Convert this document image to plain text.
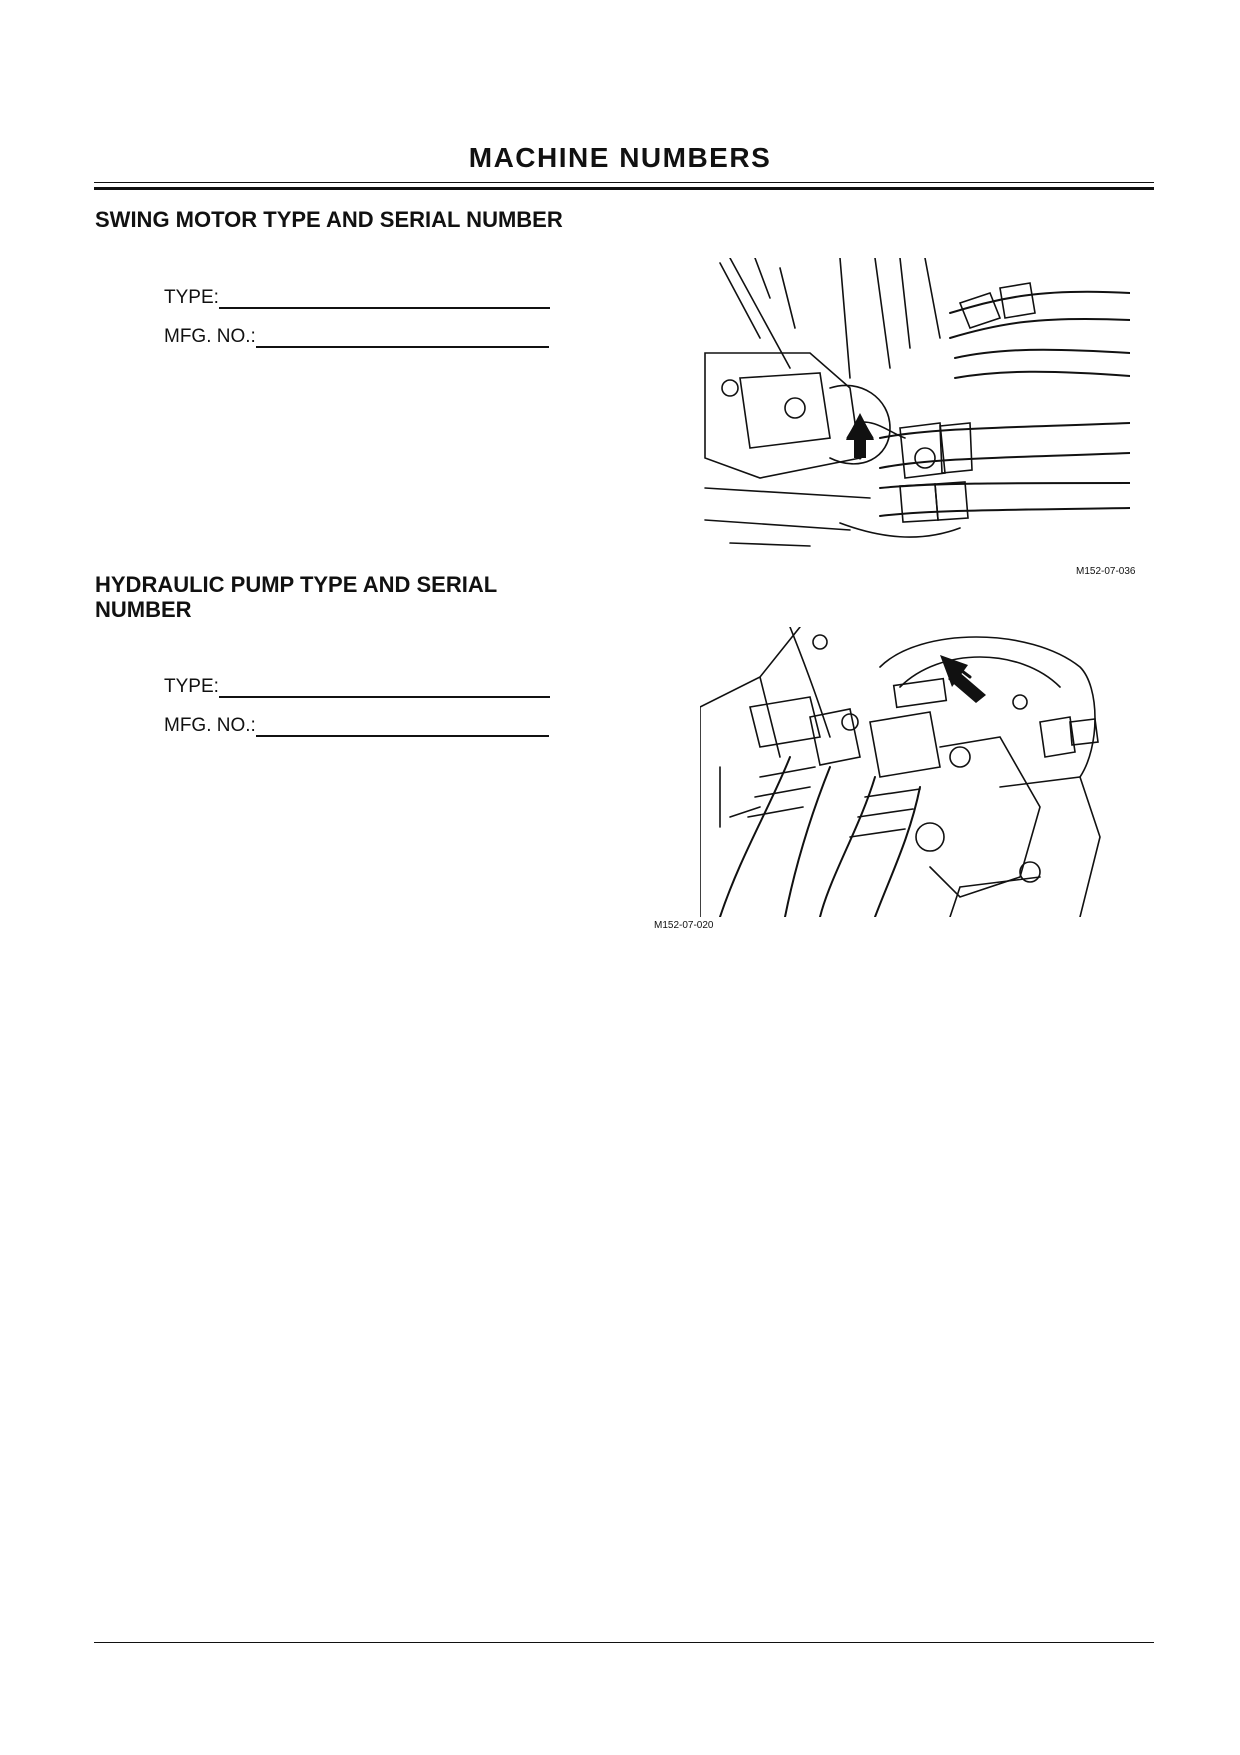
MACHINE NUMBERS
SWING MOTOR TYPE AND SERIAL NUMBER
TYPE:
MFG. NO.:
M152-07-036
HYDRAULIC PUMP TYPE AND SERIAL
NUMBER
TYPE:
MFG. NO.:
M152-07-020
